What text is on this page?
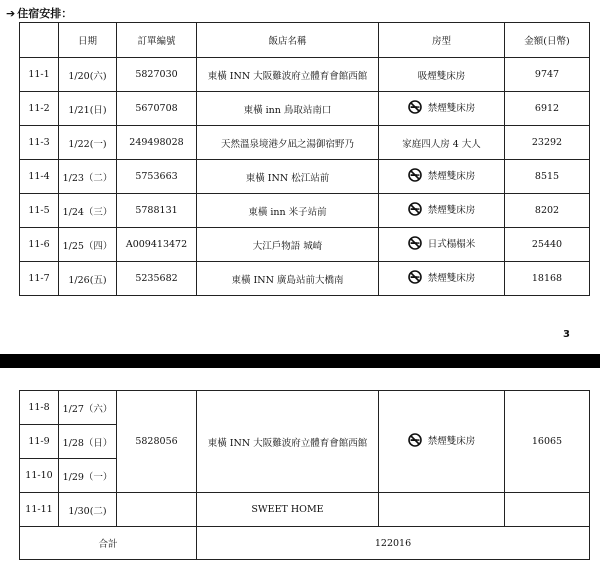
➔ 住宿安排：
	日期	訂單編號	飯店名稱	房型	金額(日幣)
11-1	1/20(六)	5827030	東橫 INN 大阪難波府立體育會館西館	吸煙雙床房	9747
11-2	1/21(日)	5670708	東橫 inn 鳥取站南口	禁煙雙床房	6912
11-3	1/22(一)	249498028	天然溫泉境港夕凪之湯御宿野乃	家庭四人房 4 大人	23292
11-4	1/23（二）	5753663	東橫 INN 松江站前	禁煙雙床房	8515
11-5	1/24（三）	5788131	東橫 inn 米子站前	禁煙雙床房	8202
11-6	1/25（四）	A009413472	大江戶物語 城崎	日式榻榻米	25440
11-7	1/26(五)	5235682	東橫 INN 廣島站前大橋南	禁煙雙床房	18168
3
11-8	1/27（六）	5828056	東橫 INN 大阪難波府立體育會館西館	禁煙雙床房	16065
11-9	1/28（日）				
11-10	1/29（一）				
11-11	1/30(二)		SWEET HOME		
合計			122016		
